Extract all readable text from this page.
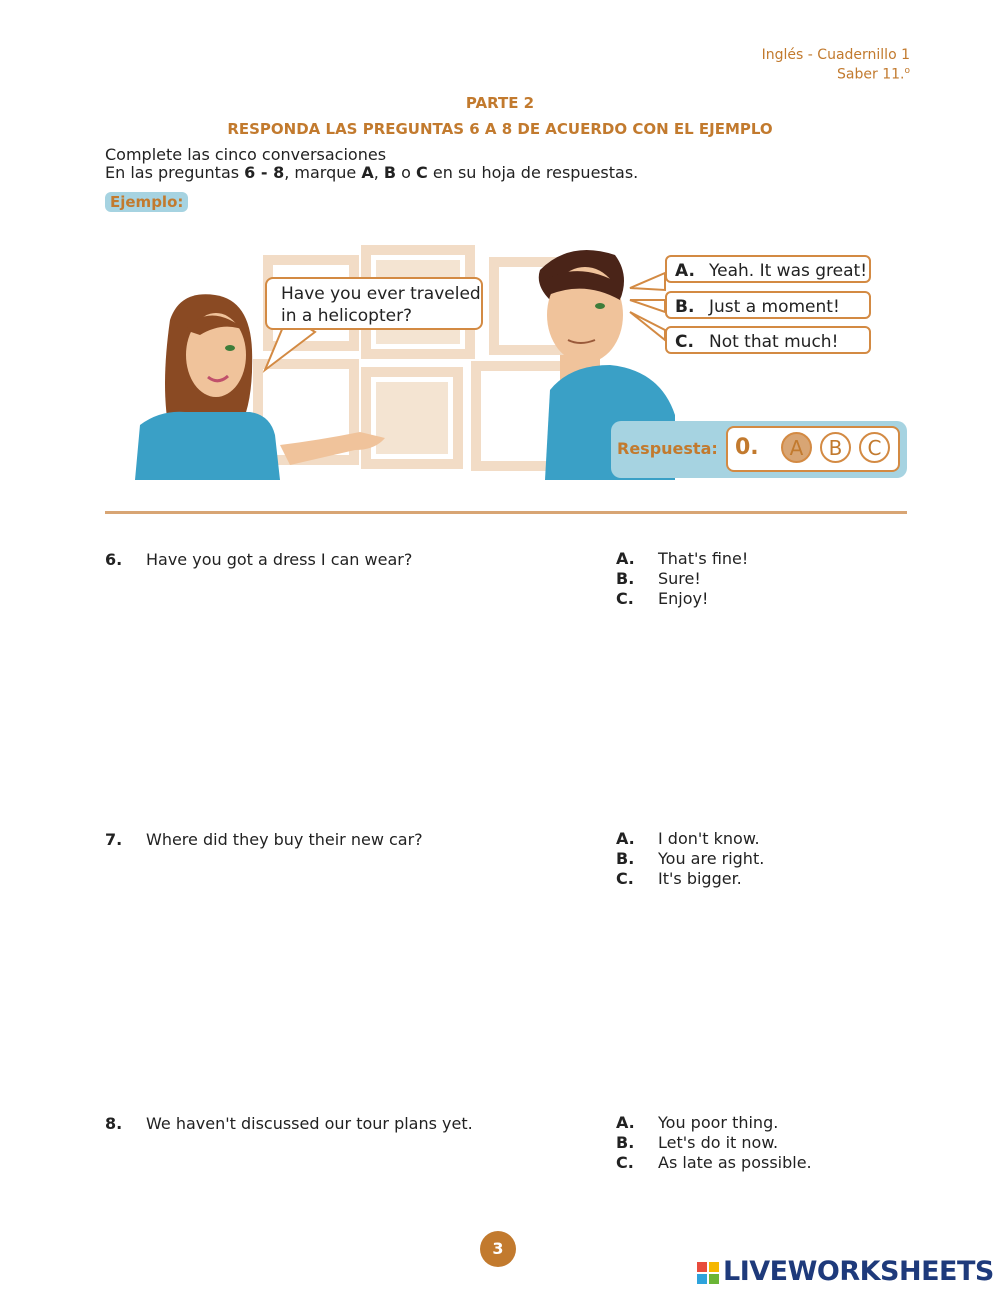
Inglés - Cuadernillo 1
Saber 11.$^o$
PARTE 2
RESPONDA LAS PREGUNTAS 6 A 8 DE ACUERDO CON EL EJEMPLO
Complete las cinco conversaciones
En las preguntas 6 - 8, marque A, B o C en su hoja de respuestas.
Ejemplo:
Have you ever traveled
in a helicopter?
A. Yeah. It was great!
B. Just a moment!
C. Not that much!
Respuesta: 0.	A	B	C
6. Have you got a dress I can wear?	A. That's fine!
B. Sure!
C. Enjoy!
7. Where did they buy their new car?	A. I don't know.
B. You are right.
C. It's bigger.
8. We haven't discussed our tour plans yet.	A. You poor thing.
B. Let's do it now.
C. As late as possible.
3
LIVEWORKSHEETS
